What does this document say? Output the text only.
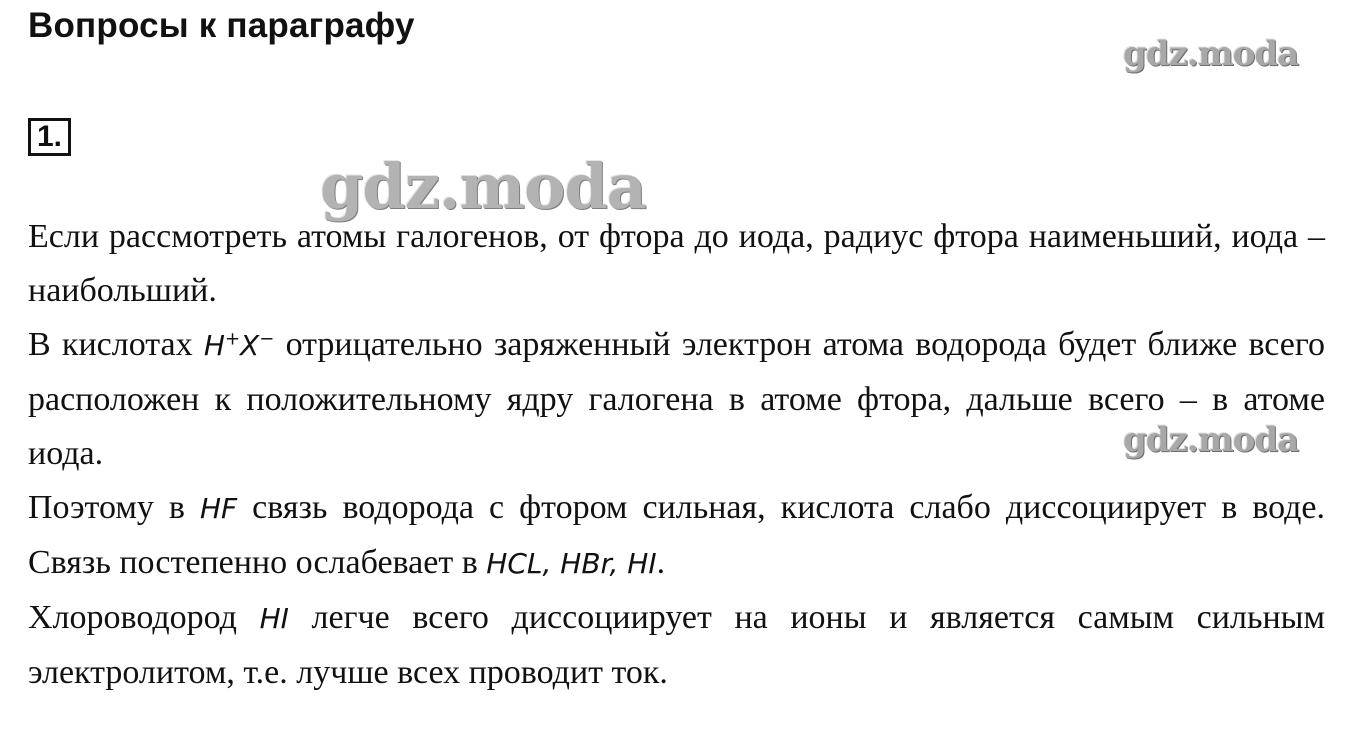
Вопросы к параграфу
gdz.moda
gdz.moda
gdz.moda
1.

Если рассмотреть атомы галогенов, от фтора до иода, радиус фтора наименьший, иода – наибольший.

В кислотах H+X− отрицательно заряженный электрон атома водорода будет ближе всего расположен к положительному ядру галогена в атоме фтора, дальше всего – в атоме иода.

Поэтому в HF связь водорода с фтором сильная, кислота слабо диссоциирует в воде. Связь постепенно ослабевает в HCL, HBr, HI.

Хлороводород HI легче всего диссоциирует на ионы и является самым сильным электролитом, т.е. лучше всех проводит ток.
